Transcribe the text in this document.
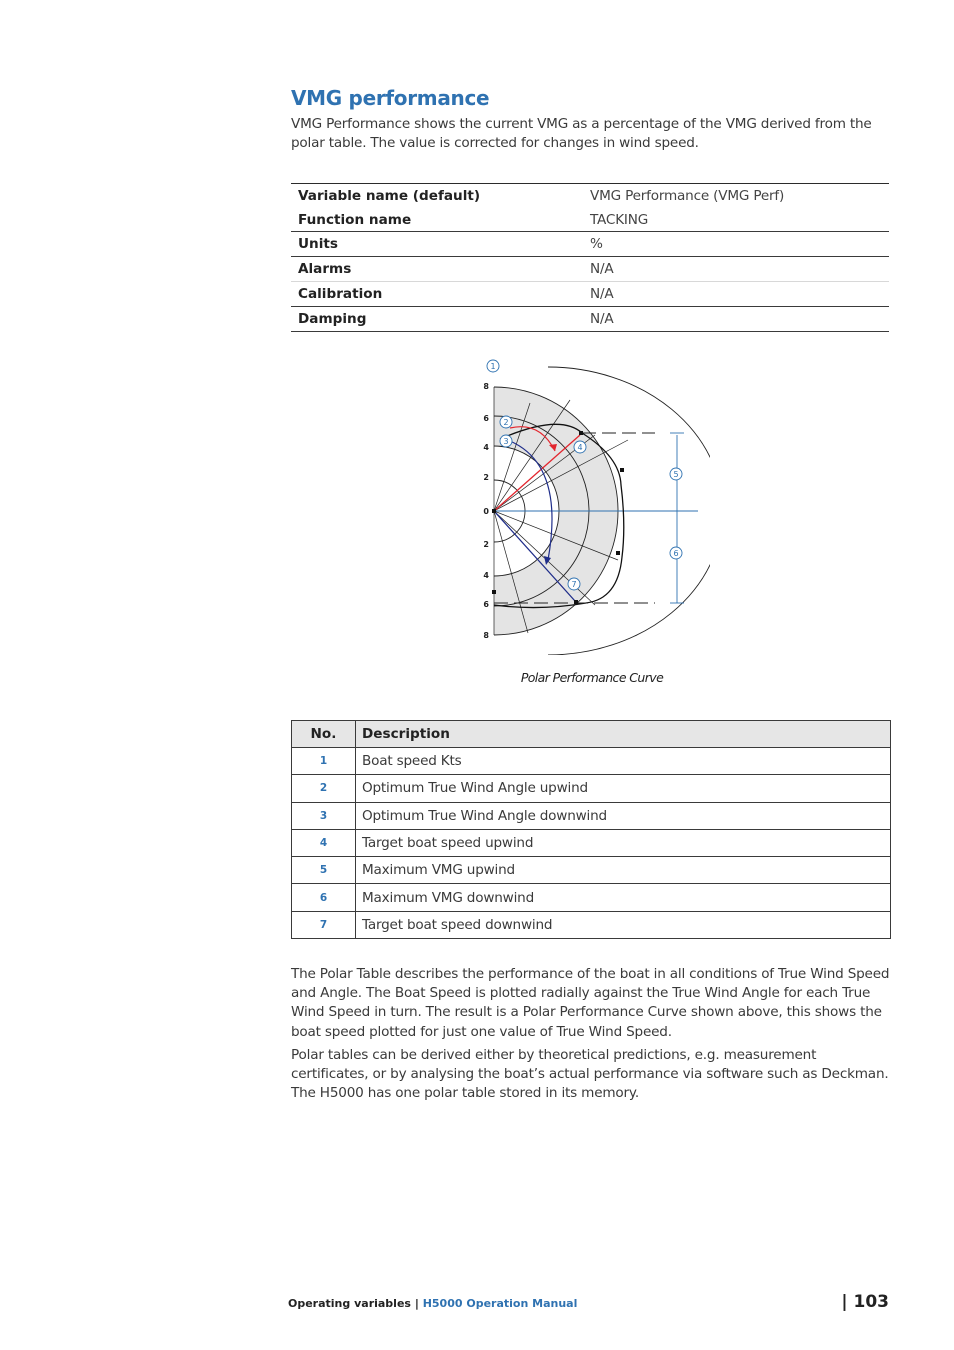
VMG performance

VMG Performance shows the current VMG as a percentage of the VMG derived from the polar table. The value is corrected for changes in wind speed.

Variable name (default)	VMG Performance (VMG Perf)
Function name	TACKING
Units	%
Alarms	N/A
Calibration	N/A
Damping	N/A
8
6
4
2
0
2
4
6
8
1
2
3
4
5
6
7
Polar Performance Curve
No.	Description
1	Boat speed Kts
2	Optimum True Wind Angle upwind
3	Optimum True Wind Angle downwind
4	Target boat speed upwind
5	Maximum VMG upwind
6	Maximum VMG downwind
7	Target boat speed downwind

The Polar Table describes the performance of the boat in all conditions of True Wind Speed and Angle. The Boat Speed is plotted radially against the True Wind Angle for each True Wind Speed in turn. The result is a Polar Performance Curve shown above, this shows the boat speed plotted for just one value of True Wind Speed.

Polar tables can be derived either by theoretical predictions, e.g. measurement certificates, or by analysing the boat’s actual performance via software such as Deckman. The H5000 has one polar table stored in its memory.

Operating variables | H5000 Operation Manual	| 103
